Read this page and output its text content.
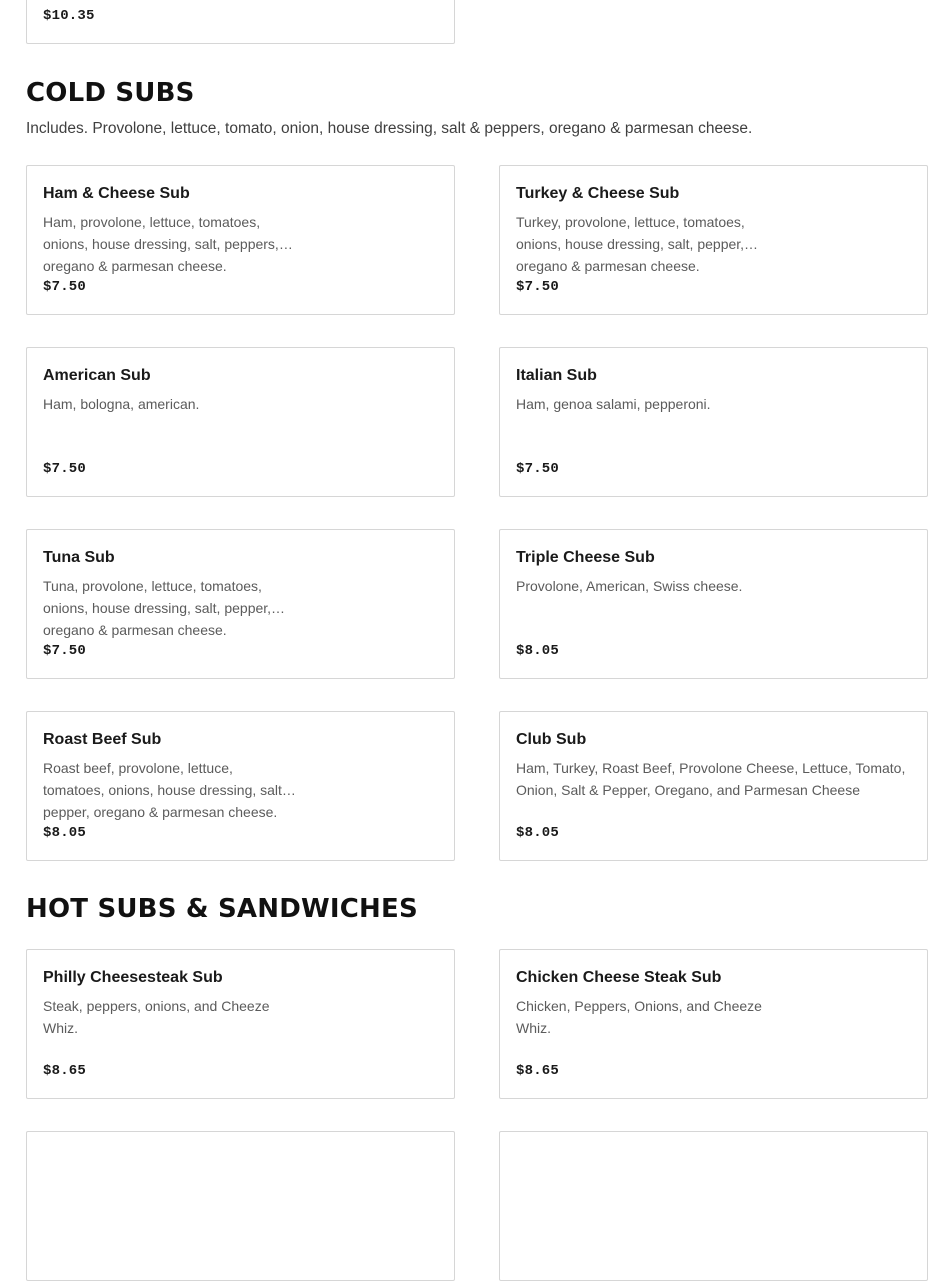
$10.35
COLD SUBS

Includes. Provolone, lettuce, tomato, onion, house dressing, salt & peppers, oregano & parmesan cheese.

Ham & Cheese Sub
Ham, provolone, lettuce, tomatoes, onions, house dressing, salt, peppers, oregano & parmesan cheese.
$7.50
Turkey & Cheese Sub
Turkey, provolone, lettuce, tomatoes, onions, house dressing, salt, pepper, oregano & parmesan cheese.
$7.50
American Sub
Ham, bologna, american.
$7.50
Italian Sub
Ham, genoa salami, pepperoni.
$7.50
Tuna Sub
Tuna, provolone, lettuce, tomatoes, onions, house dressing, salt, pepper, oregano & parmesan cheese.
$7.50
Triple Cheese Sub
Provolone, American, Swiss cheese.
$8.05
Roast Beef Sub
Roast beef, provolone, lettuce, tomatoes, onions, house dressing, salt, pepper, oregano & parmesan cheese.
$8.05
Club Sub
Ham, Turkey, Roast Beef, Provolone Cheese, Lettuce, Tomato, Onion, Salt & Pepper, Oregano, and Parmesan Cheese
$8.05
HOT SUBS & SANDWICHES
Philly Cheesesteak Sub
Steak, peppers, onions, and Cheeze Whiz.
$8.65
Chicken Cheese Steak Sub
Chicken, Peppers, Onions, and Cheeze Whiz.
$8.65
